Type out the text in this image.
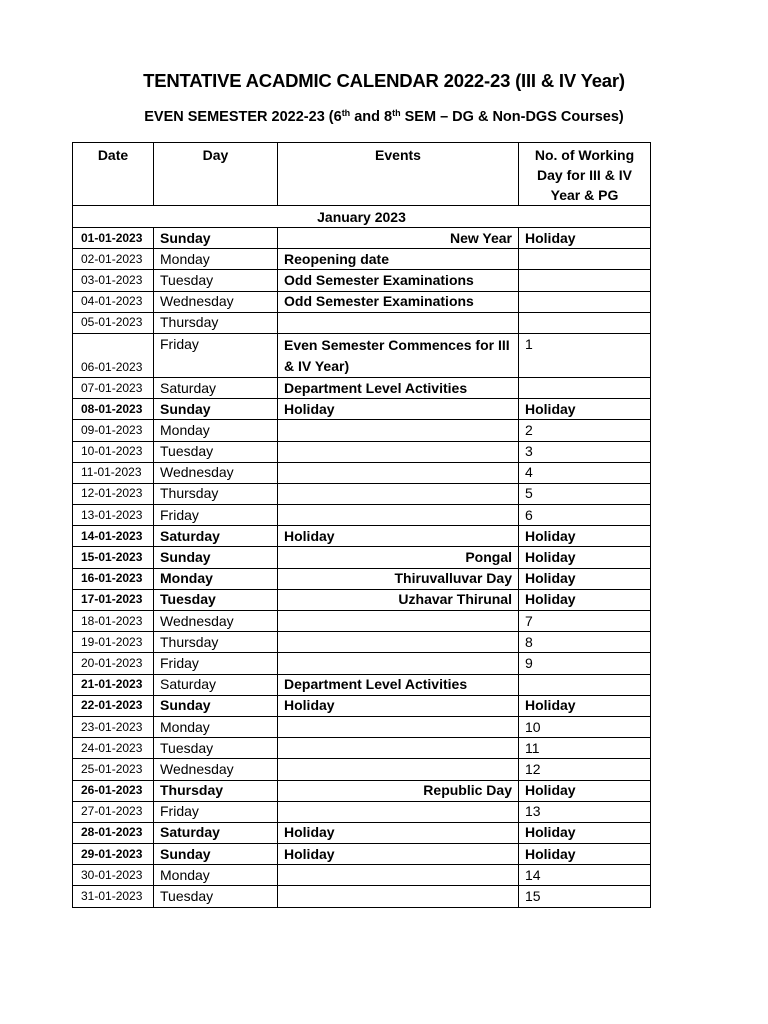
TENTATIVE ACADMIC CALENDAR 2022-23 (III & IV Year)
EVEN SEMESTER 2022-23 (6th and 8th SEM – DG & Non-DGS Courses)
Date	Day	Events	No. of Working Day for III & IV Year & PG
January 2023			
01-01-2023	Sunday	New Year	Holiday
02-01-2023	Monday	Reopening date	
03-01-2023	Tuesday	Odd Semester Examinations	
04-01-2023	Wednesday	Odd Semester Examinations	
05-01-2023	Thursday		
06-01-2023	Friday	Even Semester Commences for III & IV Year)	1
07-01-2023	Saturday	Department Level Activities	
08-01-2023	Sunday	Holiday	Holiday
09-01-2023	Monday		2
10-01-2023	Tuesday		3
11-01-2023	Wednesday		4
12-01-2023	Thursday		5
13-01-2023	Friday		6
14-01-2023	Saturday	Holiday	Holiday
15-01-2023	Sunday	Pongal	Holiday
16-01-2023	Monday	Thiruvalluvar Day	Holiday
17-01-2023	Tuesday	Uzhavar Thirunal	Holiday
18-01-2023	Wednesday		7
19-01-2023	Thursday		8
20-01-2023	Friday		9
21-01-2023	Saturday	Department Level Activities	
22-01-2023	Sunday	Holiday	Holiday
23-01-2023	Monday		10
24-01-2023	Tuesday		11
25-01-2023	Wednesday		12
26-01-2023	Thursday	Republic Day	Holiday
27-01-2023	Friday		13
28-01-2023	Saturday	Holiday	Holiday
29-01-2023	Sunday	Holiday	Holiday
30-01-2023	Monday		14
31-01-2023	Tuesday		15
